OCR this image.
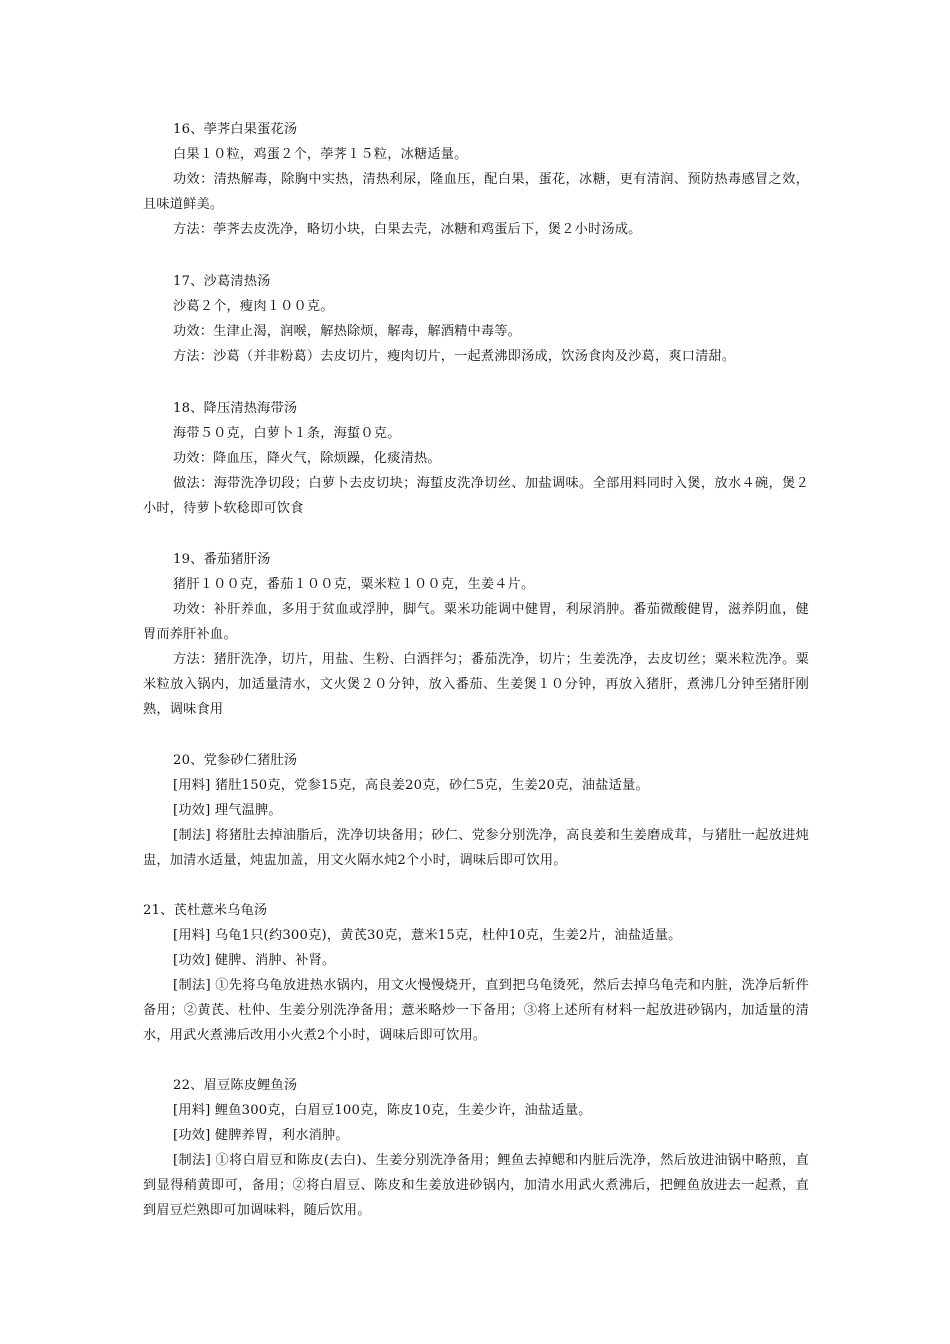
16、荸荠白果蛋花汤
白果１０粒，鸡蛋２个，荸荠１５粒，冰糖适量。
功效：清热解毒，除胸中实热，清热利尿，隆血压，配白果，蛋花，冰糖，更有清润、预防热毒感冒之效，且味道鲜美。
方法：荸荠去皮洗净，略切小块，白果去壳，冰糖和鸡蛋后下，煲２小时汤成。
17、沙葛清热汤
沙葛２个，瘦肉１００克。
功效：生津止渴，润喉，解热除烦，解毒，解酒精中毒等。
方法：沙葛（并非粉葛）去皮切片，瘦肉切片，一起煮沸即汤成，饮汤食肉及沙葛，爽口清甜。
18、降压清热海带汤
海带５０克，白萝卜１条，海蜇０克。
功效：降血压，降火气，除烦躁，化痰清热。
做法：海带洗净切段；白萝卜去皮切块；海蜇皮洗净切丝、加盐调味。全部用料同时入煲，放水４碗，煲２小时，待萝卜软稔即可饮食
19、番茄猪肝汤
猪肝１００克，番茄１００克，粟米粒１００克，生姜４片。
功效：补肝养血，多用于贫血或浮肿，脚气。粟米功能调中健胃，利尿消肿。番茄微酸健胃，滋养阴血，健胃而养肝补血。
方法：猪肝洗净，切片，用盐、生粉、白酒拌匀；番茄洗净，切片；生姜洗净，去皮切丝；粟米粒洗净。粟米粒放入锅内，加适量清水，文火煲２０分钟，放入番茄、生姜煲１０分钟，再放入猪肝，煮沸几分钟至猪肝刚熟，调味食用
20、党参砂仁猪肚汤
[用料] 猪肚150克，党参15克，高良姜20克，砂仁5克，生姜20克，油盐适量。
[功效] 理气温脾。
[制法] 将猪肚去掉油脂后，洗净切块备用；砂仁、党参分别洗净，高良姜和生姜磨成茸，与猪肚一起放进炖盅，加清水适量，炖盅加盖，用文火隔水炖2个小时，调味后即可饮用。
21、芪杜薏米乌龟汤
[用料] 乌龟1只(约300克)，黄芪30克，薏米15克，杜仲10克，生姜2片，油盐适量。
[功效] 健脾、消肿、补肾。
[制法] ①先将乌龟放进热水锅内，用文火慢慢烧开，直到把乌龟烫死，然后去掉乌龟壳和内脏，洗净后斩件备用；②黄芪、杜仲、生姜分别洗净备用；薏米略炒一下备用；③将上述所有材料一起放进砂锅内，加适量的清水，用武火煮沸后改用小火煮2个小时，调味后即可饮用。
22、眉豆陈皮鲤鱼汤
[用料] 鲤鱼300克，白眉豆100克，陈皮10克，生姜少许，油盐适量。
[功效] 健脾养胃，利水消肿。
[制法] ①将白眉豆和陈皮(去白)、生姜分别洗净备用；鲤鱼去掉鳃和内脏后洗净，然后放进油锅中略煎，直到显得稍黄即可，备用；②将白眉豆、陈皮和生姜放进砂锅内，加清水用武火煮沸后，把鲤鱼放进去一起煮，直到眉豆烂熟即可加调味料，随后饮用。
